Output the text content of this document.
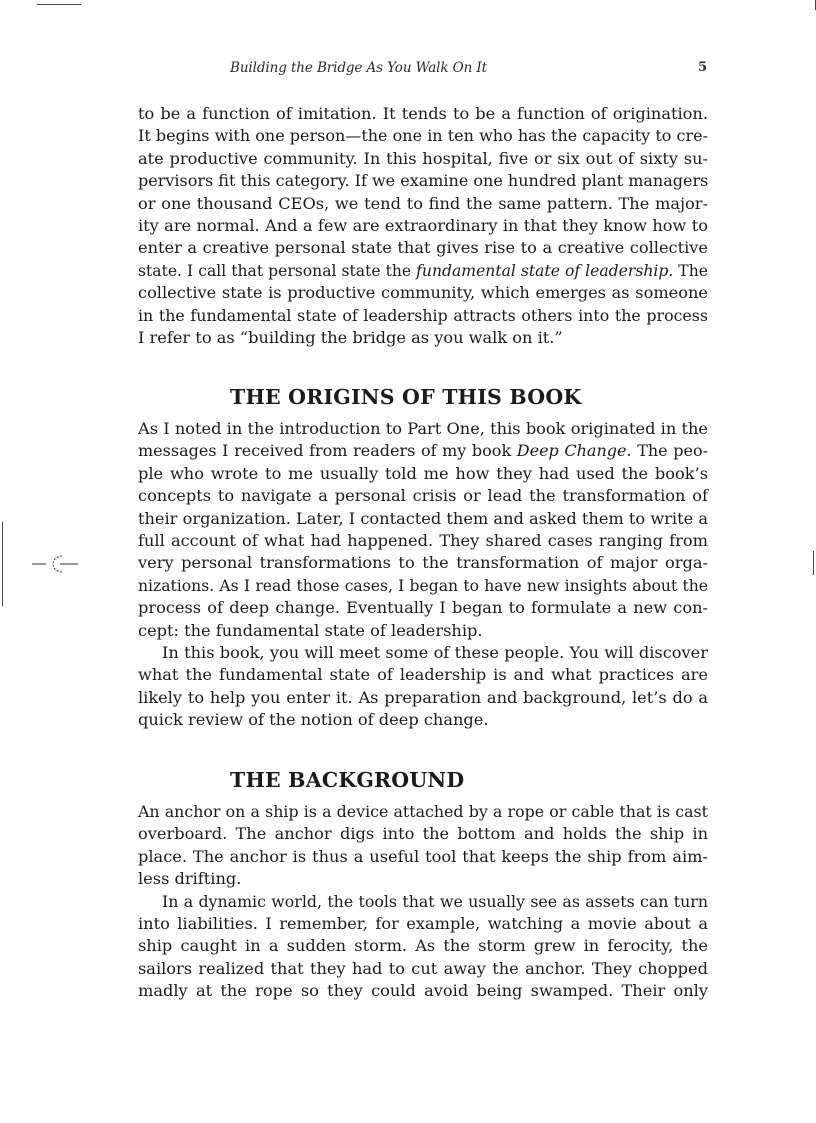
Building the Bridge As You Walk On It	5
to be a function of imitation. It tends to be a function of origination.
It begins with one person—the one in ten who has the capacity to cre-
ate productive community. In this hospital, five or six out of sixty su-
pervisors fit this category. If we examine one hundred plant managers
or one thousand CEOs, we tend to find the same pattern. The major-
ity are normal. And a few are extraordinary in that they know how to
enter a creative personal state that gives rise to a creative collective
state. I call that personal state the fundamental state of leadership. The
collective state is productive community, which emerges as someone
in the fundamental state of leadership attracts others into the process
I refer to as “building the bridge as you walk on it.”
THE ORIGINS OF THIS BOOK
As I noted in the introduction to Part One, this book originated in the
messages I received from readers of my book Deep Change. The peo-
ple who wrote to me usually told me how they had used the book’s
concepts to navigate a personal crisis or lead the transformation of
their organization. Later, I contacted them and asked them to write a
full account of what had happened. They shared cases ranging from
very personal transformations to the transformation of major orga-
nizations. As I read those cases, I began to have new insights about the
process of deep change. Eventually I began to formulate a new con-
cept: the fundamental state of leadership.
In this book, you will meet some of these people. You will discover
what the fundamental state of leadership is and what practices are
likely to help you enter it. As preparation and background, let’s do a
quick review of the notion of deep change.
THE BACKGROUND
An anchor on a ship is a device attached by a rope or cable that is cast
overboard. The anchor digs into the bottom and holds the ship in
place. The anchor is thus a useful tool that keeps the ship from aim-
less drifting.
In a dynamic world, the tools that we usually see as assets can turn
into liabilities. I remember, for example, watching a movie about a
ship caught in a sudden storm. As the storm grew in ferocity, the
sailors realized that they had to cut away the anchor. They chopped
madly at the rope so they could avoid being swamped. Their only
